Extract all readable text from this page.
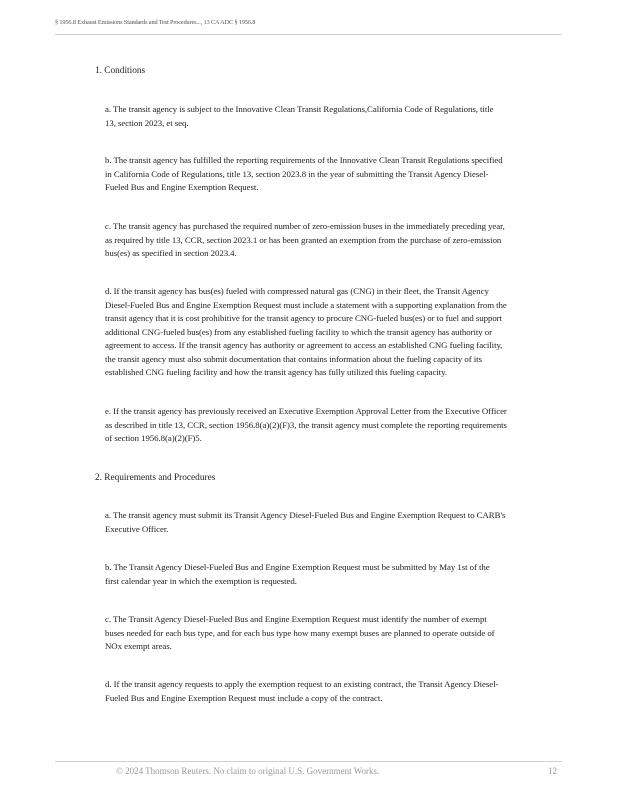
§ 1956.8 Exhaust Emissions Standards and Test Procedures..., 13 CA ADC § 1956.8
1. Conditions
a. The transit agency is subject to the Innovative Clean Transit Regulations,California Code of Regulations, title
13, section 2023, et seq.
b. The transit agency has fulfilled the reporting requirements of the Innovative Clean Transit Regulations specified
in California Code of Regulations, title 13, section 2023.8 in the year of submitting the Transit Agency Diesel-
Fueled Bus and Engine Exemption Request.
c. The transit agency has purchased the required number of zero-emission buses in the immediately preceding year,
as required by title 13, CCR, section 2023.1 or has been granted an exemption from the purchase of zero-emission
bus(es) as specified in section 2023.4.
d. If the transit agency has bus(es) fueled with compressed natural gas (CNG) in their fleet, the Transit Agency
Diesel-Fueled Bus and Engine Exemption Request must include a statement with a supporting explanation from the
transit agency that it is cost prohibitive for the transit agency to procure CNG-fueled bus(es) or to fuel and support
additional CNG-fueled bus(es) from any established fueling facility to which the transit agency has authority or
agreement to access. If the transit agency has authority or agreement to access an established CNG fueling facility,
the transit agency must also submit documentation that contains information about the fueling capacity of its
established CNG fueling facility and how the transit agency has fully utilized this fueling capacity.
e. If the transit agency has previously received an Executive Exemption Approval Letter from the Executive Officer
as described in title 13, CCR, section 1956.8(a)(2)(F)3, the transit agency must complete the reporting requirements
of section 1956.8(a)(2)(F)5.
2. Requirements and Procedures
a. The transit agency must submit its Transit Agency Diesel-Fueled Bus and Engine Exemption Request to CARB's
Executive Officer.
b. The Transit Agency Diesel-Fueled Bus and Engine Exemption Request must be submitted by May 1st of the
first calendar year in which the exemption is requested.
c. The Transit Agency Diesel-Fueled Bus and Engine Exemption Request must identify the number of exempt
buses needed for each bus type, and for each bus type how many exempt buses are planned to operate outside of
NOx exempt areas.
d. If the transit agency requests to apply the exemption request to an existing contract, the Transit Agency Diesel-
Fueled Bus and Engine Exemption Request must include a copy of the contract.
© 2024 Thomson Reuters. No claim to original U.S. Government Works.	12
